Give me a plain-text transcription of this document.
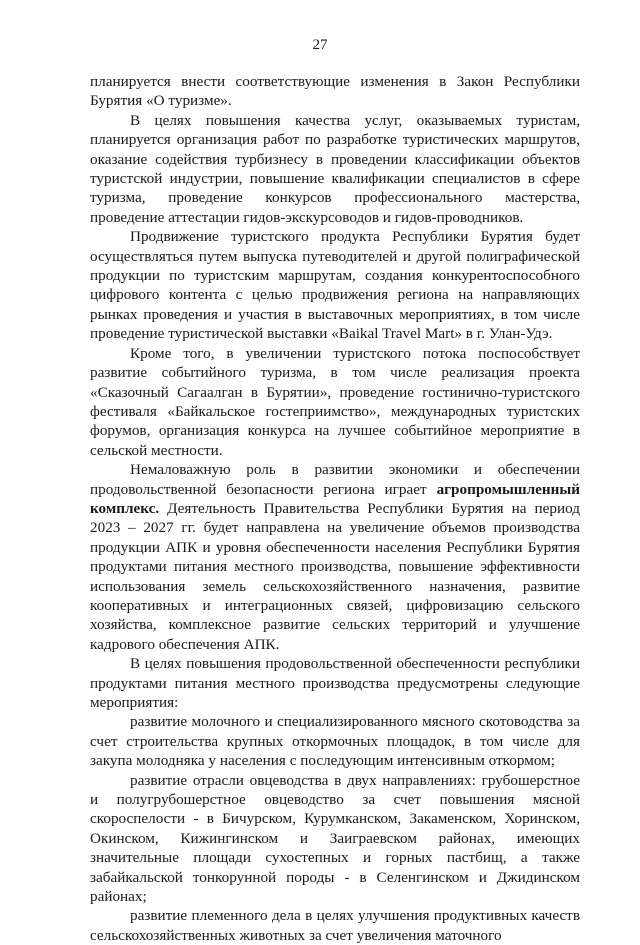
27

планируется внести соответствующие изменения в Закон Республики Бурятия «О туризме».

В целях повышения качества услуг, оказываемых туристам, планируется организация работ по разработке туристических маршрутов, оказание содействия турбизнесу в проведении классификации объектов туристской индустрии, повышение квалификации специалистов в сфере туризма, проведение конкурсов профессионального мастерства, проведение аттестации гидов-экскурсоводов и гидов-проводников.

Продвижение туристского продукта Республики Бурятия будет осуществляться путем выпуска путеводителей и другой полиграфической продукции по туристским маршрутам, создания конкурентоспособного цифрового контента с целью продвижения региона на направляющих рынках проведения и участия в выставочных мероприятиях, в том числе проведение туристической выставки «Baikal Travel Mart» в г. Улан-Удэ.

Кроме того, в увеличении туристского потока поспособствует развитие событийного туризма, в том числе реализация проекта «Сказочный Сагаалган в Бурятии», проведение гостинично-туристского фестиваля «Байкальское гостеприимство», международных туристских форумов, организация конкурса на лучшее событийное мероприятие в сельской местности.

Немаловажную роль в развитии экономики и обеспечении продовольственной безопасности региона играет агропромышленный комплекс. Деятельность Правительства Республики Бурятия на период 2023 – 2027 гг. будет направлена на увеличение объемов производства продукции АПК и уровня обеспеченности населения Республики Бурятия продуктами питания местного производства, повышение эффективности использования земель сельскохозяйственного назначения, развитие кооперативных и интеграционных связей, цифровизацию сельского хозяйства, комплексное развитие сельских территорий и улучшение кадрового обеспечения АПК.

В целях повышения продовольственной обеспеченности республики продуктами питания местного производства предусмотрены следующие мероприятия:

развитие молочного и специализированного мясного скотоводства за счет строительства крупных откормочных площадок, в том числе для закупа молодняка у населения с последующим интенсивным откормом;

развитие отрасли овцеводства в двух направлениях: грубошерстное и полугрубошерстное овцеводство за счет повышения мясной скороспелости - в Бичурском, Курумканском, Закаменском, Хоринском, Окинском, Кижингинском и Заиграевском районах, имеющих значительные площади сухостепных и горных пастбищ, а также забайкальской тонкорунной породы - в Селенгинском и Джидинском районах;

развитие племенного дела в целях улучшения продуктивных качеств сельскохозяйственных животных за счет увеличения маточного
